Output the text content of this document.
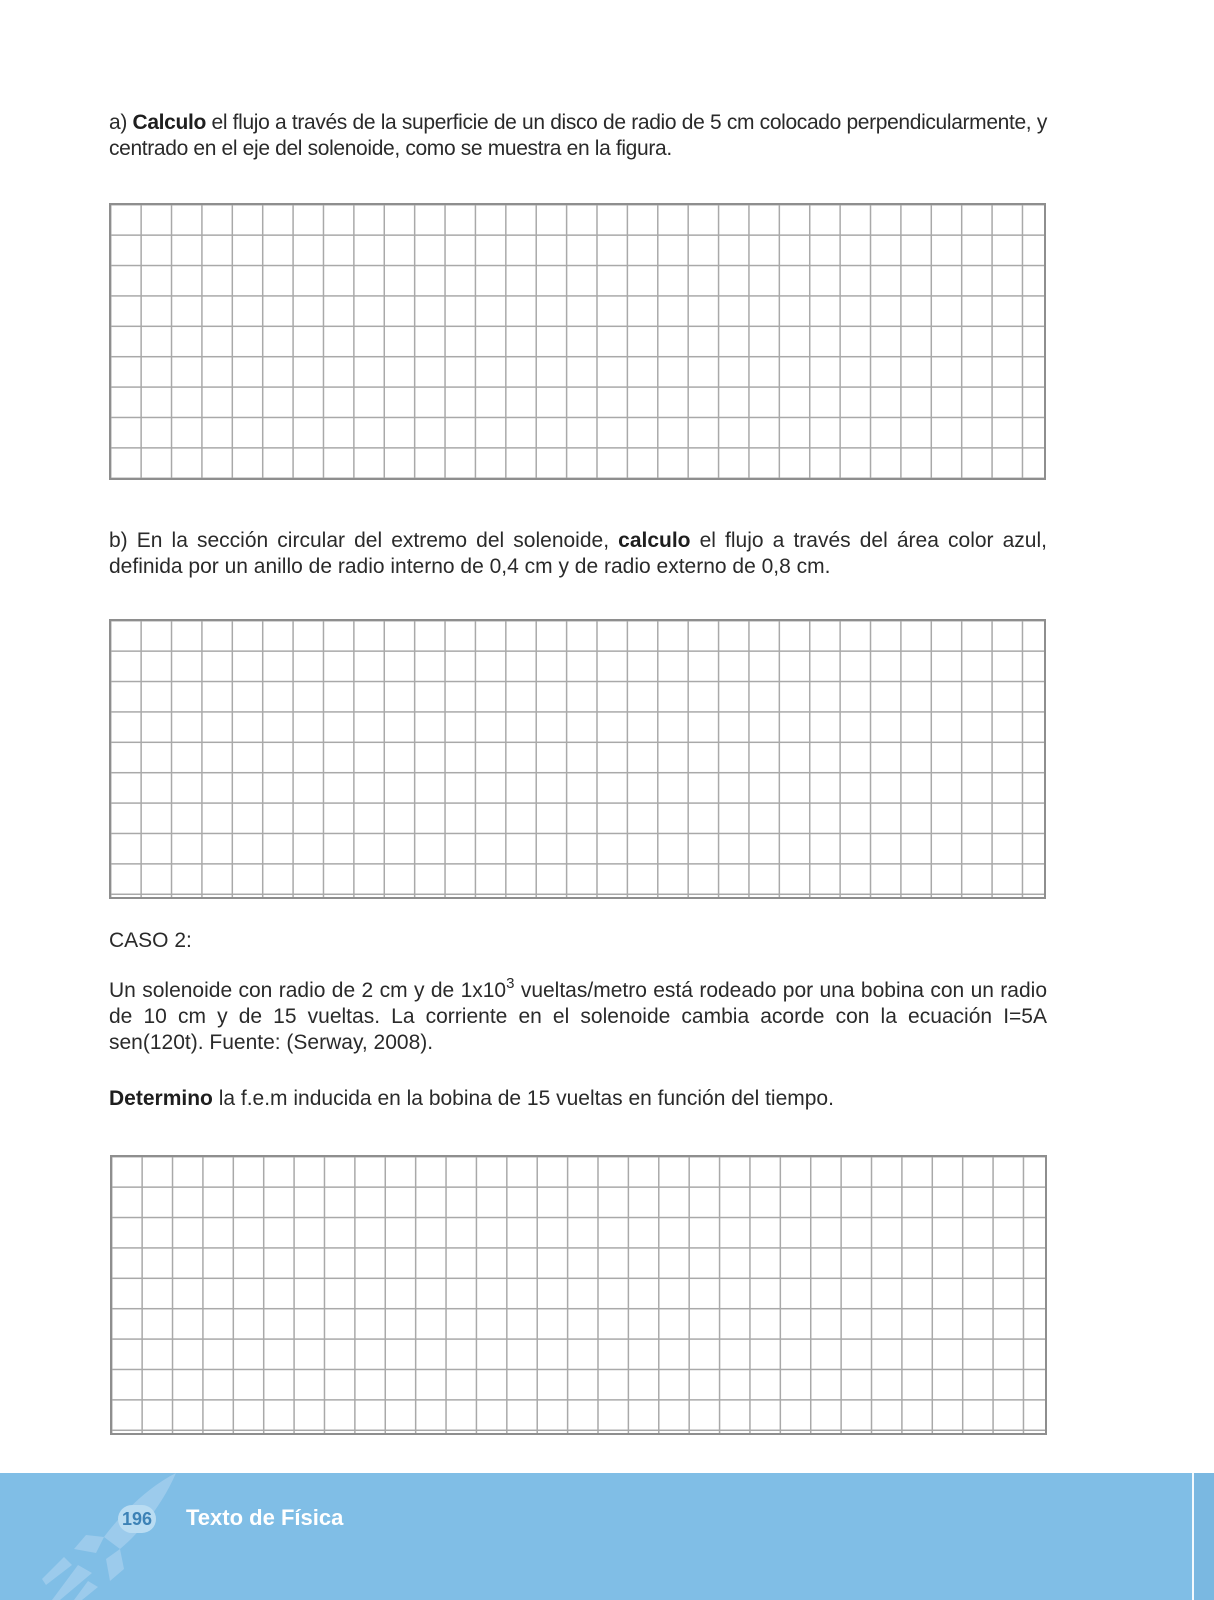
a) Calculo el flujo a través de la superficie de un disco de radio de 5 cm colocado perpendicularmente, y centrado en el eje del solenoide, como se muestra en la figura.

b) En la sección circular del extremo del solenoide, calculo el flujo a través del área color azul, definida por un anillo de radio interno de 0,4 cm y de radio externo de 0,8 cm.

CASO 2:

Un solenoide con radio de 2 cm y de $1x10^3$ vueltas/metro está rodeado por una bobina con un radio de 10 cm y de 15 vueltas. La corriente en el solenoide cambia acorde con la ecuación I=5A sen(120t). Fuente: (Serway, 2008).

Determino la f.e.m inducida en la bobina de 15 vueltas en función del tiempo.

196 Texto de Física
